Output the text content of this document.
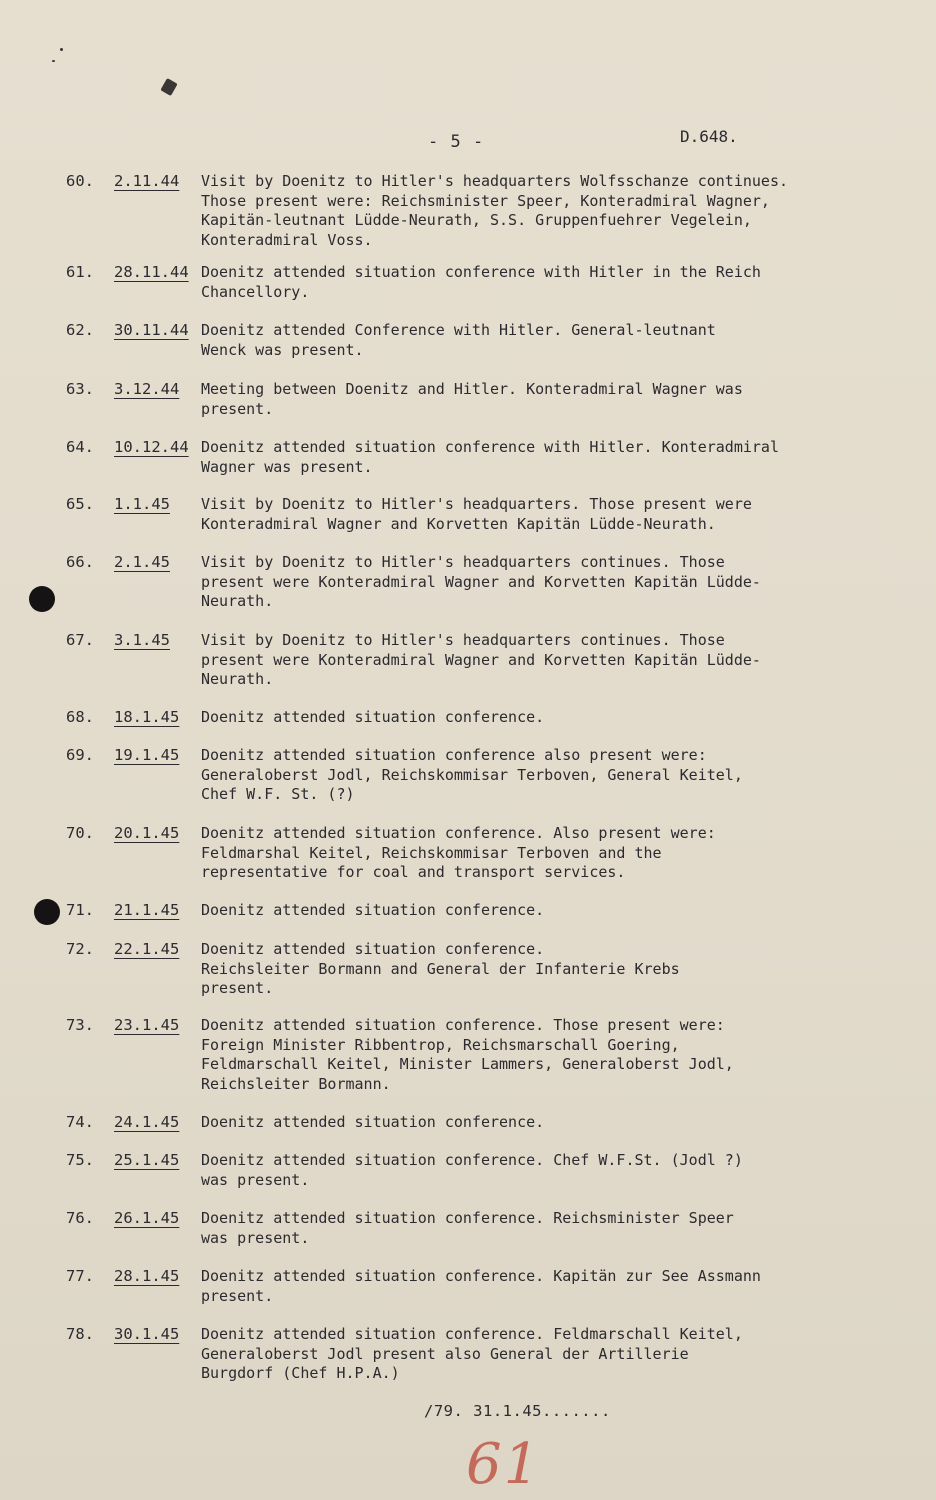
- 5 -	D.648.
60. 2.11.44 Visit by Doenitz to Hitler's headquarters Wolfsschanze continues.
Those present were: Reichsminister Speer, Konteradmiral Wagner,
Kapitän-leutnant Lüdde-Neurath, S.S. Gruppenfuehrer Vegelein,
Konteradmiral Voss.
61. 28.11.44 Doenitz attended situation conference with Hitler in the Reich
Chancellory.
62. 30.11.44 Doenitz attended Conference with Hitler. General-leutnant
Wenck was present.
63. 3.12.44 Meeting between Doenitz and Hitler. Konteradmiral Wagner was
present.
64. 10.12.44 Doenitz attended situation conference with Hitler. Konteradmiral
Wagner was present.
65. 1.1.45 Visit by Doenitz to Hitler's headquarters. Those present were
Konteradmiral Wagner and Korvetten Kapitän Lüdde-Neurath.
66. 2.1.45 Visit by Doenitz to Hitler's headquarters continues. Those
present were Konteradmiral Wagner and Korvetten Kapitän Lüdde-
Neurath.
67. 3.1.45 Visit by Doenitz to Hitler's headquarters continues. Those
present were Konteradmiral Wagner and Korvetten Kapitän Lüdde-
Neurath.
68. 18.1.45 Doenitz attended situation conference.
69. 19.1.45 Doenitz attended situation conference also present were:
Generaloberst Jodl, Reichskommisar Terboven, General Keitel,
Chef W.F. St. (?)
70. 20.1.45 Doenitz attended situation conference. Also present were:
Feldmarshal Keitel, Reichskommisar Terboven and the
representative for coal and transport services.
71. 21.1.45 Doenitz attended situation conference.
72. 22.1.45 Doenitz attended situation conference.
Reichsleiter Bormann and General der Infanterie Krebs
present.
73. 23.1.45 Doenitz attended situation conference. Those present were:
Foreign Minister Ribbentrop, Reichsmarschall Goering,
Feldmarschall Keitel, Minister Lammers, Generaloberst Jodl,
Reichsleiter Bormann.
74. 24.1.45 Doenitz attended situation conference.
75. 25.1.45 Doenitz attended situation conference. Chef W.F.St. (Jodl ?)
was present.
76. 26.1.45 Doenitz attended situation conference. Reichsminister Speer
was present.
77. 28.1.45 Doenitz attended situation conference. Kapitän zur See Assmann
present.
78. 30.1.45 Doenitz attended situation conference. Feldmarschall Keitel,
Generaloberst Jodl present also General der Artillerie
Burgdorf (Chef H.P.A.)
/79. 31.1.45.......
61
